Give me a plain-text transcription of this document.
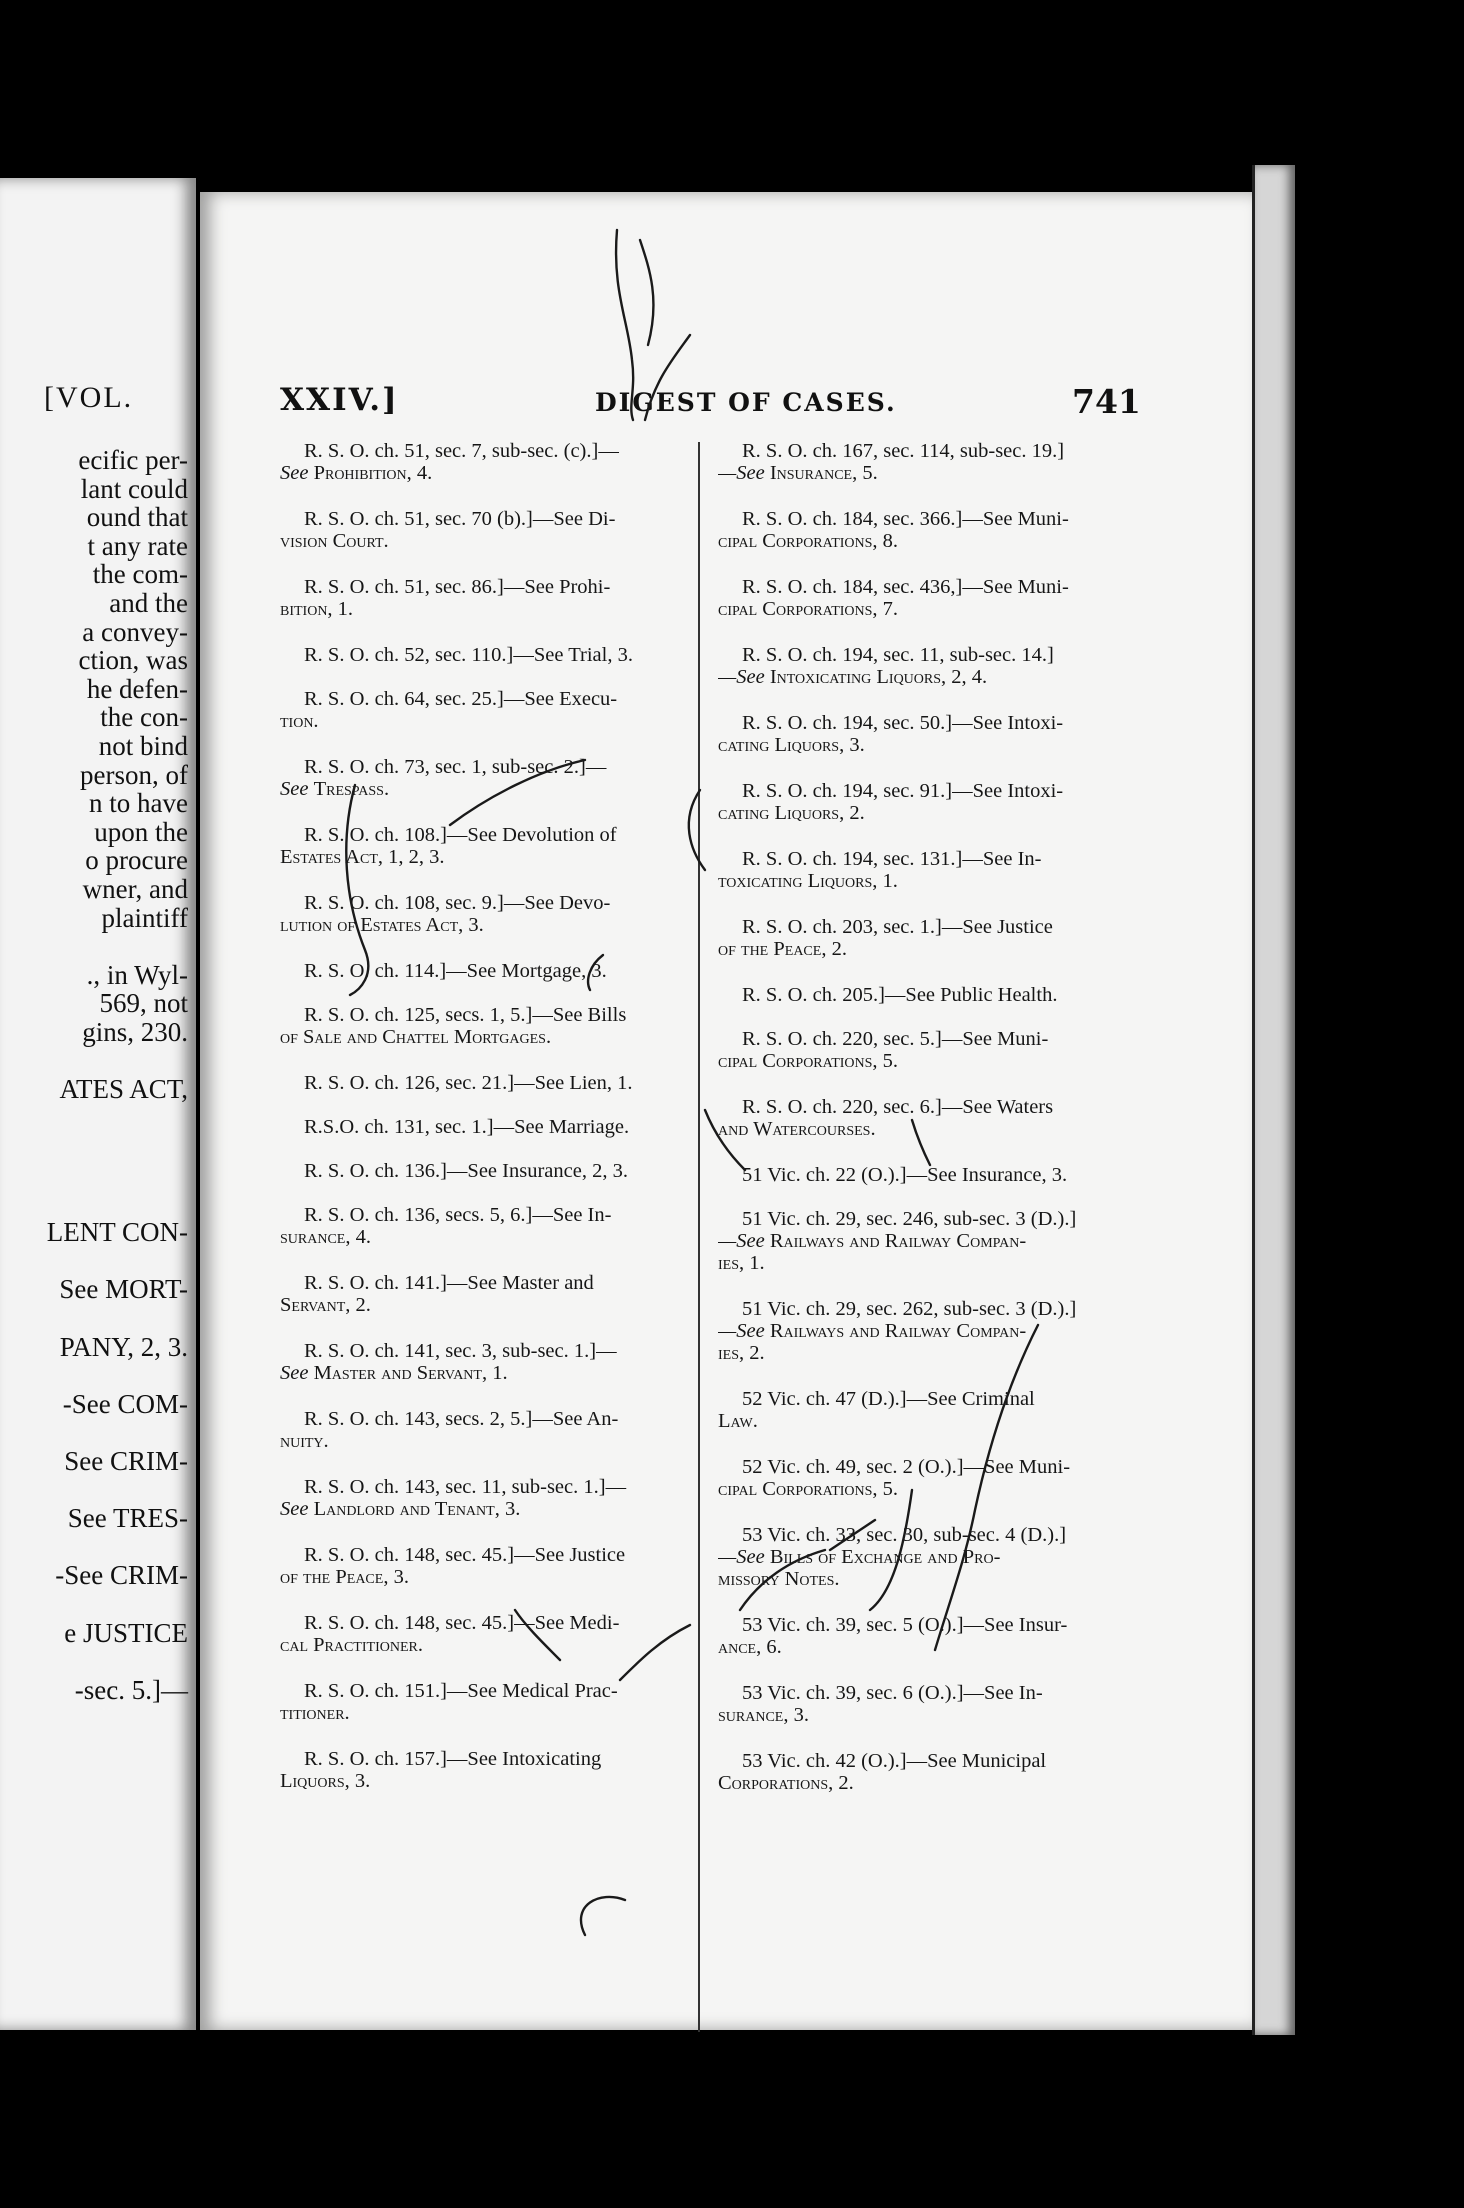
[VOL.
ecific per-
lant could
ound that
t any rate
the com-
and the
a convey-
ction, was
he defen-
the con-
not bind
person, of
n to have
upon the
o procure
wner, and
plaintiff
., in Wyl-
569, not
gins, 230.
ATES ACT,
LENT CON-
See MORT-
PANY, 2, 3.
-See COM-
See CRIM-
See TRES-
-See CRIM-
e JUSTICE
-sec. 5.]—
XXIV.]	DIGEST OF CASES.	741
R. S. O. ch. 51, sec. 7, sub-sec. (c).]—
See Prohibition, 4.
R. S. O. ch. 51, sec. 70 (b).]—See Di-
vision Court.
R. S. O. ch. 51, sec. 86.]—See Prohi-
bition, 1.
R. S. O. ch. 52, sec. 110.]—See Trial, 3.
R. S. O. ch. 64, sec. 25.]—See Execu-
tion.
R. S. O. ch. 73, sec. 1, sub-sec. 2.]—
See Trespass.
R. S. O. ch. 108.]—See Devolution of
Estates Act, 1, 2, 3.
R. S. O. ch. 108, sec. 9.]—See Devo-
lution of Estates Act, 3.
R. S. O. ch. 114.]—See Mortgage, 3.
R. S. O. ch. 125, secs. 1, 5.]—See Bills
of Sale and Chattel Mortgages.
R. S. O. ch. 126, sec. 21.]—See Lien, 1.
R.S.O. ch. 131, sec. 1.]—See Marriage.
R. S. O. ch. 136.]—See Insurance, 2, 3.
R. S. O. ch. 136, secs. 5, 6.]—See In-
surance, 4.
R. S. O. ch. 141.]—See Master and
Servant, 2.
R. S. O. ch. 141, sec. 3, sub-sec. 1.]—
See Master and Servant, 1.
R. S. O. ch. 143, secs. 2, 5.]—See An-
nuity.
R. S. O. ch. 143, sec. 11, sub-sec. 1.]—
See Landlord and Tenant, 3.
R. S. O. ch. 148, sec. 45.]—See Justice
of the Peace, 3.
R. S. O. ch. 148, sec. 45.]—See Medi-
cal Practitioner.
R. S. O. ch. 151.]—See Medical Prac-
titioner.
R. S. O. ch. 157.]—See Intoxicating
Liquors, 3.
R. S. O. ch. 167, sec. 114, sub-sec. 19.]
—See Insurance, 5.
R. S. O. ch. 184, sec. 366.]—See Muni-
cipal Corporations, 8.
R. S. O. ch. 184, sec. 436,]—See Muni-
cipal Corporations, 7.
R. S. O. ch. 194, sec. 11, sub-sec. 14.]
—See Intoxicating Liquors, 2, 4.
R. S. O. ch. 194, sec. 50.]—See Intoxi-
cating Liquors, 3.
R. S. O. ch. 194, sec. 91.]—See Intoxi-
cating Liquors, 2.
R. S. O. ch. 194, sec. 131.]—See In-
toxicating Liquors, 1.
R. S. O. ch. 203, sec. 1.]—See Justice
of the Peace, 2.
R. S. O. ch. 205.]—See Public Health.
R. S. O. ch. 220, sec. 5.]—See Muni-
cipal Corporations, 5.
R. S. O. ch. 220, sec. 6.]—See Waters
and Watercourses.
51 Vic. ch. 22 (O.).]—See Insurance, 3.
51 Vic. ch. 29, sec. 246, sub-sec. 3 (D.).]
—See Railways and Railway Compan-
ies, 1.
51 Vic. ch. 29, sec. 262, sub-sec. 3 (D.).]
—See Railways and Railway Compan-
ies, 2.
52 Vic. ch. 47 (D.).]—See Criminal
Law.
52 Vic. ch. 49, sec. 2 (O.).]—See Muni-
cipal Corporations, 5.
53 Vic. ch. 33, sec. 30, sub-sec. 4 (D.).]
—See Bills of Exchange and Pro-
missory Notes.
53 Vic. ch. 39, sec. 5 (O.).]—See Insur-
ance, 6.
53 Vic. ch. 39, sec. 6 (O.).]—See In-
surance, 3.
53 Vic. ch. 42 (O.).]—See Municipal
Corporations, 2.
